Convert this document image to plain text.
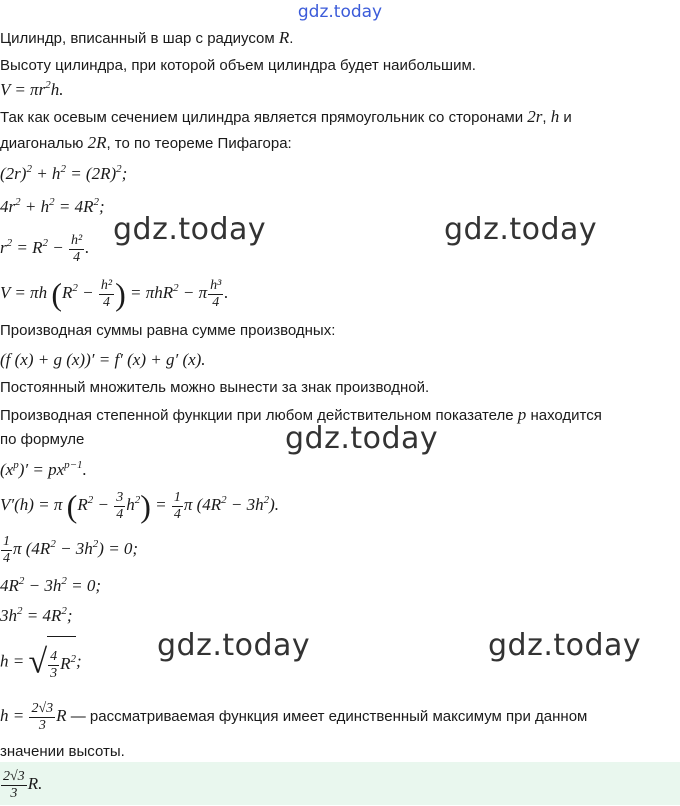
gdz.today
Цилиндр, вписанный в шар с радиусом R.
Высоту цилиндра, при которой объем цилиндра будет наибольшим.
$V = \pi r^2h$.
Так как осевым сечением цилиндра является прямоугольник со сторонами 2r, h и
диагональю 2R, то по теореме Пифагора:
$(2r)^2 + h^2 = (2R)^2$;
$4r^2 + h^2 = 4R^2$;
$r^2 = R^2 - \frac{\text{h²}}{4}$ .
V = πh ($R^2 - \frac{\text{h²}}{4}$ ) = πhR$^2$ − π $\frac{\text{h³}}{4}$ .
Производная суммы равна сумме производных:
(f (x) + g (x))′ = f′ (x) + g′ (x).
Постоянный множитель можно вынести за знак производной.
Производная степенной функции при любом действительном показателе p находится
по формуле
$(x^p)' = px^{p-1}$.
V′(h) = π $(R^2 - \frac{3}{4} h^2) = \frac{1}{4}$ π $(4R^2 - 3h^2)$.
$\frac{1}{4}$ π $(4R^2 - 3h^2) = 0$;
$4R^2 - 3h^2 = 0$;
$3h^2 = 4R^2$;
h = √ $\frac{4}{3} R^2$;
$h = \frac{2√3}{3}$ R — рассматриваемая функция имеет единственный максимум при данном
значении высоты.
$\frac{2√3}{3} R$.
gdz.today	gdz.today
gdz.today
gdz.today	gdz.today
